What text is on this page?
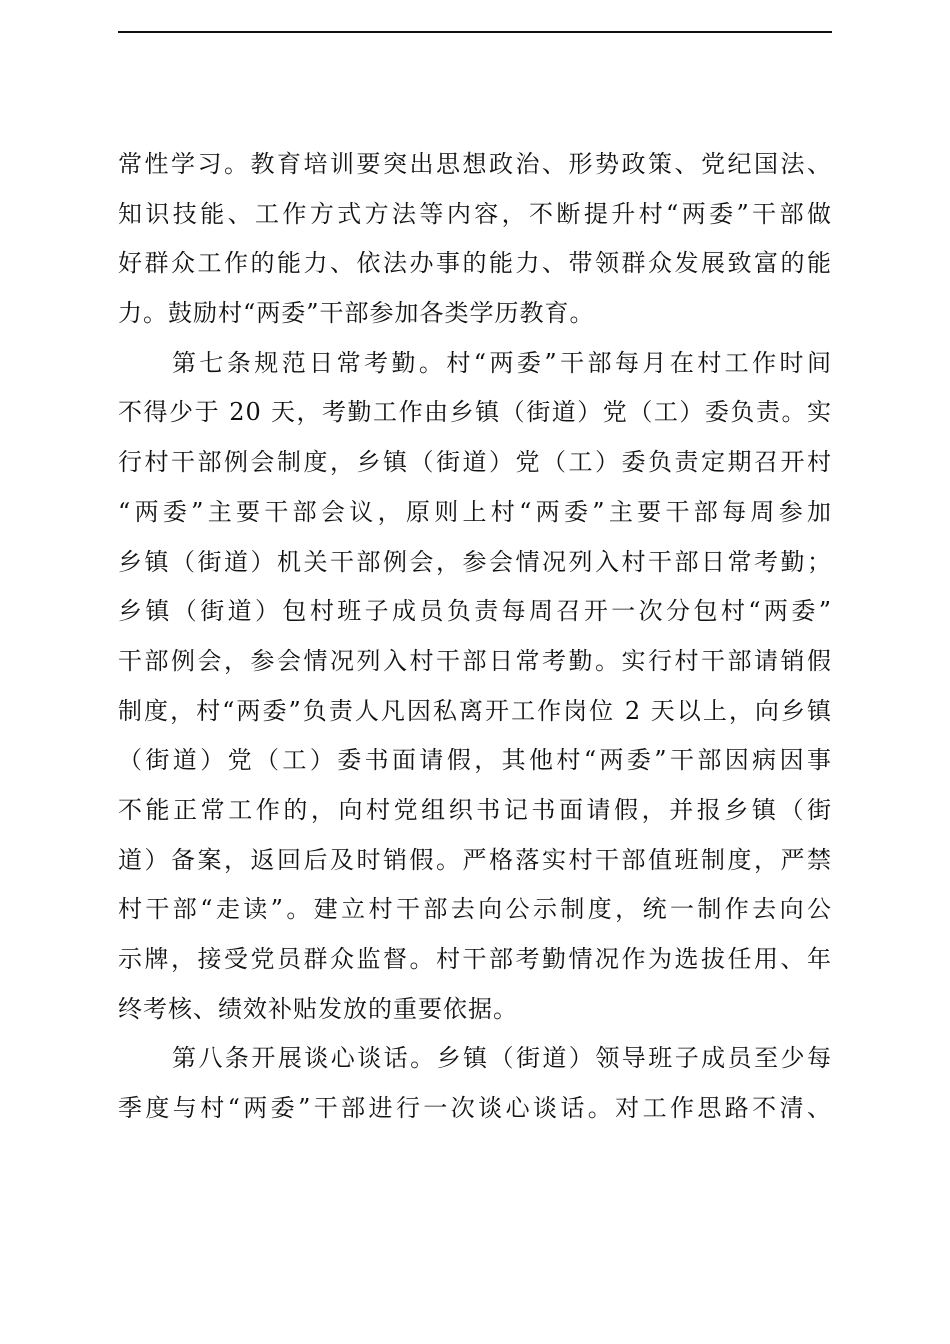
常性学习。教育培训要突出思想政治、形势政策、党纪国法、
知识技能、工作方式方法等内容，不断提升村“两委”干部做
好群众工作的能力、依法办事的能力、带领群众发展致富的能
力。鼓励村“两委”干部参加各类学历教育。
第七条规范日常考勤。村“两委”干部每月在村工作时间
不得少于 20 天，考勤工作由乡镇（街道）党（工）委负责。实
行村干部例会制度，乡镇（街道）党（工）委负责定期召开村
“两委”主要干部会议，原则上村“两委”主要干部每周参加
乡镇（街道）机关干部例会，参会情况列入村干部日常考勤；
乡镇（街道）包村班子成员负责每周召开一次分包村“两委”
干部例会，参会情况列入村干部日常考勤。实行村干部请销假
制度，村“两委”负责人凡因私离开工作岗位 2 天以上，向乡镇
（街道）党（工）委书面请假，其他村“两委”干部因病因事
不能正常工作的，向村党组织书记书面请假，并报乡镇（街
道）备案，返回后及时销假。严格落实村干部值班制度，严禁
村干部“走读”。建立村干部去向公示制度，统一制作去向公
示牌，接受党员群众监督。村干部考勤情况作为选拔任用、年
终考核、绩效补贴发放的重要依据。
第八条开展谈心谈话。乡镇（街道）领导班子成员至少每
季度与村“两委”干部进行一次谈心谈话。对工作思路不清、
